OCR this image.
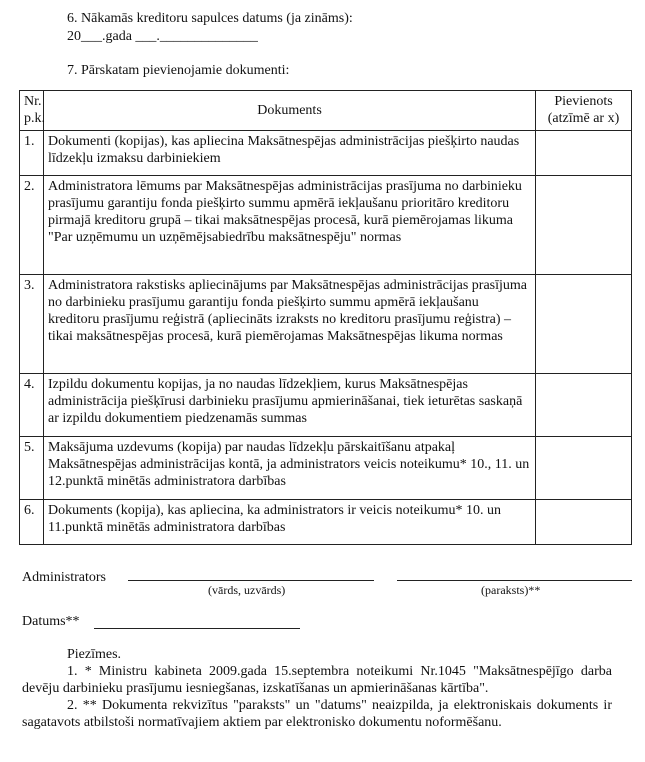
6. Nākamās kreditoru sapulces datums (ja zināms):
20___.gada ___.______________
7. Pārskatam pievienojamie dokumenti:
Nr. p.k.	Dokuments	Pievienots (atzīmē ar x)
1.	Dokumenti (kopijas), kas apliecina Maksātnespējas administrācijas piešķirto naudas līdzekļu izmaksu darbiniekiem	
2.	Administratora lēmums par Maksātnespējas administrācijas prasījuma no darbinieku prasījumu garantiju fonda piešķirto summu apmērā iekļaušanu prioritāro kreditoru pirmajā kreditoru grupā – tikai maksātnespējas procesā, kurā piemērojamas likuma "Par uzņēmumu un uzņēmējsabiedrību maksātnespēju" normas	
3.	Administratora rakstisks apliecinājums par Maksātnespējas administrācijas prasījuma no darbinieku prasījumu garantiju fonda piešķirto summu apmērā iekļaušanu kreditoru prasījumu reģistrā (apliecināts izraksts no kreditoru prasījumu reģistra) – tikai maksātnespējas procesā, kurā piemērojamas Maksātnespējas likuma normas	
4.	Izpildu dokumentu kopijas, ja no naudas līdzekļiem, kurus Maksātnespējas administrācija piešķīrusi darbinieku prasījumu apmierināšanai, tiek ieturētas saskaņā ar izpildu dokumentiem piedzenamās summas	
5.	Maksājuma uzdevums (kopija) par naudas līdzekļu pārskaitīšanu atpakaļ Maksātnespējas administrācijas kontā, ja administrators veicis noteikumu* 10., 11. un 12.punktā minētās administratora darbības	
6.	Dokuments (kopija), kas apliecina, ka administrators ir veicis noteikumu* 10. un 11.punktā minētās administratora darbības	
Administrators
(vārds, uzvārds)	(paraksts)**
Datums**

Piezīmes.

1. * Ministru kabineta 2009.gada 15.septembra noteikumi Nr.1045 "Maksātnespējīgo darba devēju darbinieku prasījumu iesniegšanas, izskatīšanas un apmierināšanas kārtība".

2. ** Dokumenta rekvizītus "paraksts" un "datums" neaizpilda, ja elektroniskais dokuments ir sagatavots atbilstoši normatīvajiem aktiem par elektronisko dokumentu noformēšanu.
